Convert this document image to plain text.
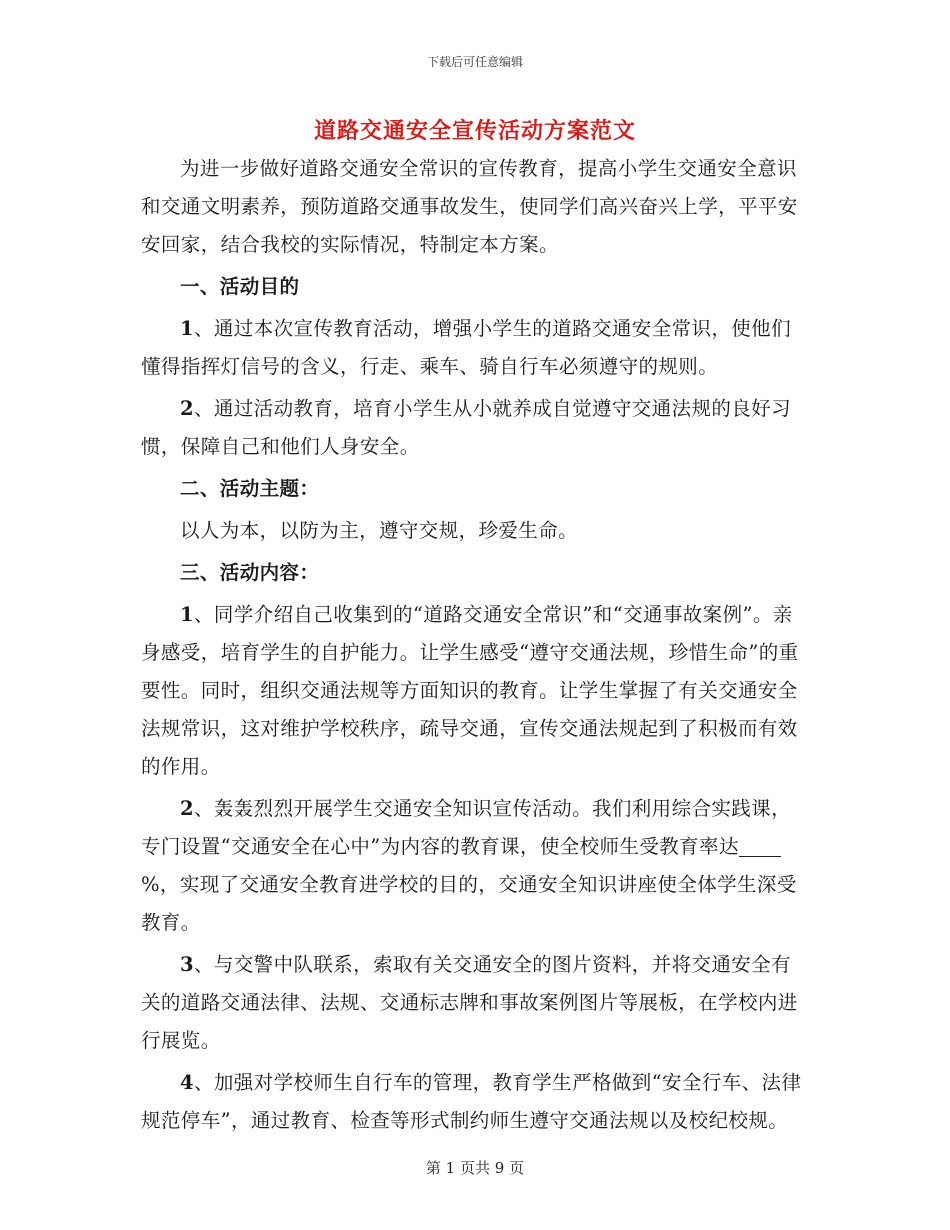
下载后可任意编辑
道路交通安全宣传活动方案范文

为进一步做好道路交通安全常识的宣传教育，提高小学生交通安全意识和交通文明素养，预防道路交通事故发生，使同学们高兴奋兴上学，平平安安回家，结合我校的实际情况，特制定本方案。

一、活动目的

1、通过本次宣传教育活动，增强小学生的道路交通安全常识，使他们懂得指挥灯信号的含义，行走、乘车、骑自行车必须遵守的规则。

2、通过活动教育，培育小学生从小就养成自觉遵守交通法规的良好习惯，保障自己和他们人身安全。

二、活动主题：

以人为本，以防为主，遵守交规，珍爱生命。

三、活动内容：

1、同学介绍自己收集到的“道路交通安全常识”和“交通事故案例”。亲身感受，培育学生的自护能力。让学生感受“遵守交通法规，珍惜生命”的重要性。同时，组织交通法规等方面知识的教育。让学生掌握了有关交通安全法规常识，这对维护学校秩序，疏导交通，宣传交通法规起到了积极而有效的作用。

2、轰轰烈烈开展学生交通安全知识宣传活动。我们利用综合实践课，专门设置“交通安全在心中”为内容的教育课，使全校师生受教育率达%，实现了交通安全教育进学校的目的，交通安全知识讲座使全体学生深受教育。

3、与交警中队联系，索取有关交通安全的图片资料，并将交通安全有关的道路交通法律、法规、交通标志牌和事故案例图片等展板，在学校内进行展览。

4、加强对学校师生自行车的管理，教育学生严格做到“安全行车、法律规范停车”，通过教育、检查等形式制约师生遵守交通法规以及校纪校规。

第 1 页共 9 页
